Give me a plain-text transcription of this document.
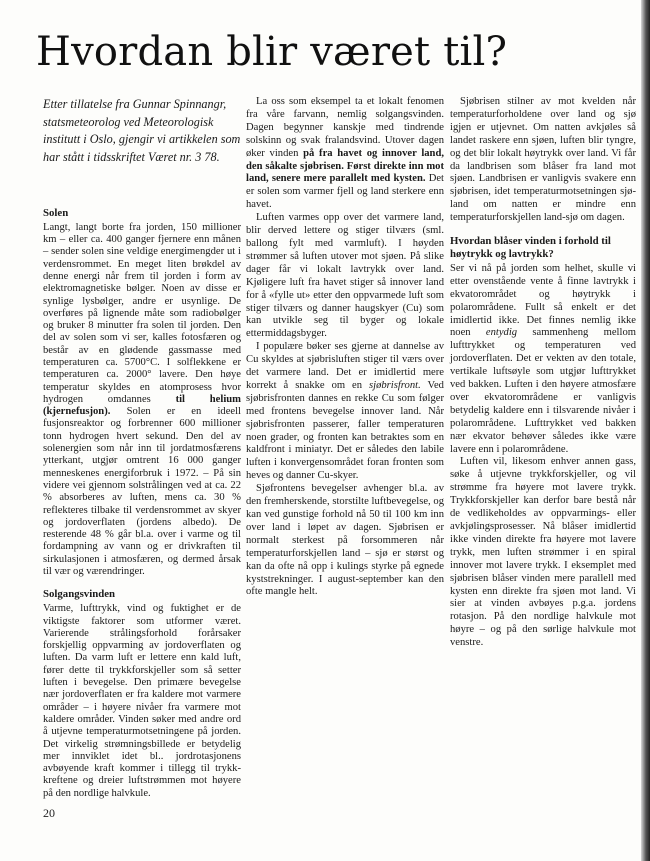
Hvordan blir været til?

Etter tillatelse fra Gunnar Spinnangr, statsmeteorolog ved Meteorologisk institutt i Oslo, gjengir vi artikkelen som har stått i tidsskriftet Været nr. 3 78.

Solen

Langt, langt borte fra jorden, 150 millioner km – eller ca. 400 ganger fjernere enn månen – sender solen sine veldige energimengder ut i verdensrommet. En meget liten brøkdel av denne energi når frem til jorden i form av elektromagnetiske bølger. Noen av disse er synlige lysbølger, andre er usynlige. De overføres på lignende måte som radiobølger og bruker 8 minutter fra solen til jorden. Den del av solen som vi ser, kalles fotosfæren og består av en glødende gassmasse med temperaturen ca. 5700°C. I solflekkene er temperaturen ca. 2000° lavere. Den høye temperatur skyldes en atomprosess hvor hydrogen omdannes til helium (kjernefusjon). Solen er en ideell fusjonsreaktor og forbrenner 600 millioner tonn hydrogen hvert sekund. Den del av solenergien som når inn til jordatmosfærens ytterkant, utgjør omtrent 16 000 ganger menneskenes energiforbruk i 1972. – På sin videre vei gjennom solstrålingen ved at ca. 22 % absorberes av luften, mens ca. 30 % reflekteres tilbake til verdensrommet av skyer og jordoverflaten (jordens albedo). De resterende 48 % går bl.a. over i varme og til fordampning av vann og er drivkraften til sirkulasjonen i atmosfæren, og dermed årsak til vær og værendringer.

Solgangsvinden

Varme, lufttrykk, vind og fuktighet er de viktigste faktorer som utformer været. Varierende strålingsforhold forårsaker forskjellig oppvarming av jordoverflaten og luften. Da varm luft er lettere enn kald luft, fører dette til trykkforskjeller som så setter luften i bevegelse. Den primære bevegelse nær jordoverflaten er fra kaldere mot varmere områder – i høyere nivåer fra varmere mot kaldere områder. Vinden søker med andre ord å utjevne temperaturmotsetningene på jorden. Det virkelig strømningsbillede er betydelig mer innviklet idet bl.. jordrotasjonens avbøyende kraft kommer i tillegg til trykk-kreftene og dreier luftstrømmen mot høyere på den nordlige halvkule.

La oss som eksempel ta et lokalt fenomen fra våre farvann, nemlig solgangsvinden. Dagen begynner kanskje med tindrende solskinn og svak fralandsvind. Utover dagen øker vinden på fra havet og innover land, den såkalte sjøbrisen. Først direkte inn mot land, senere mere parallelt med kysten. Det er solen som varmer fjell og land sterkere enn havet.

Luften varmes opp over det varmere land, blir derved lettere og stiger tilværs (sml. ballong fylt med varmluft). I høyden strømmer så luften utover mot sjøen. På slike dager får vi lokalt lavtrykk over land. Kjøligere luft fra havet stiger så innover land for å «fylle ut» etter den oppvarmede luft som stiger tilværs og danner haugskyer (Cu) som kan utvikle seg til byger og lokale ettermiddagsbyger.

I populære bøker ses gjerne at dannelse av Cu skyldes at sjøbrisluften stiger til værs over det varmere land. Det er imidlertid mere korrekt å snakke om en sjøbrisfront. Ved sjøbrisfronten dannes en rekke Cu som følger med frontens bevegelse innover land. Når sjøbrisfronten passerer, faller temperaturen noen grader, og fronten kan betraktes som en kaldfront i miniatyr. Det er således den labile luften i konvergensområdet foran fronten som heves og danner Cu-skyer.

Sjøfrontens bevegelser avhenger bl.a. av den fremherskende, storstilte luftbevegelse, og kan ved gunstige forhold nå 50 til 100 km inn over land i løpet av dagen. Sjøbrisen er normalt sterkest på forsommeren når temperaturforskjellen land – sjø er størst og kan da ofte nå opp i kulings styrke på egnede kyststrekninger. I august-september kan den ofte mangle helt.

Sjøbrisen stilner av mot kvelden når temperaturforholdene over land og sjø igjen er utjevnet. Om natten avkjøles så landet raskere enn sjøen, luften blir tyngre, og det blir lokalt høytrykk over land. Vi får da landbrisen som blåser fra land mot sjøen. Landbrisen er vanligvis svakere enn sjøbrisen, idet temperaturmotsetningen sjø-land om natten er mindre enn temperaturforskjellen land-sjø om dagen.

Hvordan blåser vinden i forhold til høytrykk og lavtrykk?

Ser vi nå på jorden som helhet, skulle vi etter ovenstående vente å finne lavtrykk i ekvatorområdet og høytrykk i polarområdene. Fullt så enkelt er det imidlertid ikke. Det finnes nemlig ikke noen entydig sammenheng mellom lufttrykket og temperaturen ved jordoverflaten. Det er vekten av den totale, vertikale luftsøyle som utgjør lufttrykket ved bakken. Luften i den høyere atmosfære over ekvatorområdene er vanligvis betydelig kaldere enn i tilsvarende nivåer i polarområdene. Lufttrykket ved bakken nær ekvator behøver således ikke være lavere enn i polarområdene.

Luften vil, likesom enhver annen gass, søke å utjevne trykkforskjeller, og vil strømme fra høyere mot lavere trykk. Trykkforskjeller kan derfor bare bestå når de vedlikeholdes av oppvarmings- eller avkjølingsprosesser. Nå blåser imidlertid ikke vinden direkte fra høyere mot lavere trykk, men luften strømmer i en spiral innover mot lavere trykk. I eksemplet med sjøbrisen blåser vinden mere parallell med kysten enn direkte fra sjøen mot land. Vi sier at vinden avbøyes p.g.a. jordens rotasjon. På den nordlige halvkule mot høyre – og på den sørlige halvkule mot venstre.

20
